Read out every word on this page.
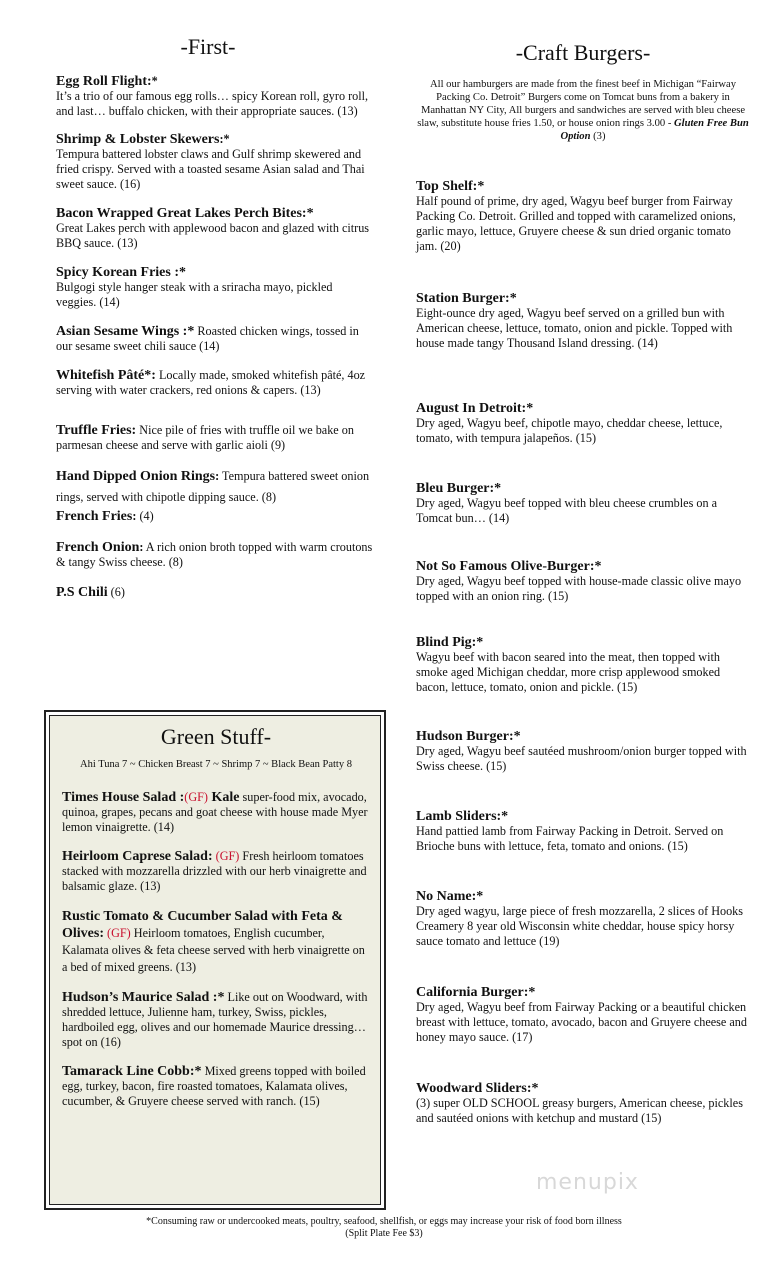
-First-
Egg Roll Flight:*
It’s a trio of our famous egg rolls… spicy Korean roll, gyro roll, and last… buffalo chicken, with their appropriate sauces. (13)
Shrimp & Lobster Skewers:*
Tempura battered lobster claws and Gulf shrimp skewered and fried crispy. Served with a toasted sesame Asian salad and Thai sweet sauce. (16)
Bacon Wrapped Great Lakes Perch Bites:*
Great Lakes perch with applewood bacon and glazed with citrus BBQ sauce. (13)
Spicy Korean Fries :*
Bulgogi style hanger steak with a sriracha mayo, pickled veggies. (14)
Asian Sesame Wings :* Roasted chicken wings, tossed in our sesame sweet chili sauce (14)
Whitefish Pâté*: Locally made, smoked whitefish pâté, 4oz serving with water crackers, red onions & capers. (13)
Truffle Fries: Nice pile of fries with truffle oil we bake on parmesan cheese and serve with garlic aioli (9)
Hand Dipped Onion Rings: Tempura battered sweet onion rings, served with chipotle dipping sauce. (8)
French Fries: (4)
French Onion: A rich onion broth topped with warm croutons & tangy Swiss cheese. (8)
P.S Chili (6)
Green Stuff-
Ahi Tuna 7 ~ Chicken Breast 7 ~ Shrimp 7 ~ Black Bean Patty 8
Times House Salad :(GF) Kale super-food mix, avocado, quinoa, grapes, pecans and goat cheese with house made Myer lemon vinaigrette. (14)
Heirloom Caprese Salad: (GF) Fresh heirloom tomatoes stacked with mozzarella drizzled with our herb vinaigrette and balsamic glaze. (13)
Rustic Tomato & Cucumber Salad with Feta & Olives: (GF) Heirloom tomatoes, English cucumber, Kalamata olives & feta cheese served with herb vinaigrette on a bed of mixed greens. (13)
Hudson’s Maurice Salad :* Like out on Woodward, with shredded lettuce, Julienne ham, turkey, Swiss, pickles, hardboiled egg, olives and our homemade Maurice dressing… spot on (16)
Tamarack Line Cobb:* Mixed greens topped with boiled egg, turkey, bacon, fire roasted tomatoes, Kalamata olives, cucumber, & Gruyere cheese served with ranch. (15)
-Craft Burgers-
All our hamburgers are made from the finest beef in Michigan “Fairway Packing Co. Detroit” Burgers come on Tomcat buns from a bakery in Manhattan NY City, All burgers and sandwiches are served with bleu cheese slaw, substitute house fries 1.50, or house onion rings 3.00 - Gluten Free Bun Option (3)
Top Shelf:*
Half pound of prime, dry aged, Wagyu beef burger from Fairway Packing Co. Detroit. Grilled and topped with caramelized onions, garlic mayo, lettuce, Gruyere cheese & sun dried organic tomato jam. (20)
Station Burger:*
Eight-ounce dry aged, Wagyu beef served on a grilled bun with American cheese, lettuce, tomato, onion and pickle. Topped with house made tangy Thousand Island dressing. (14)
August In Detroit:*
Dry aged, Wagyu beef, chipotle mayo, cheddar cheese, lettuce, tomato, with tempura jalapeños. (15)
Bleu Burger:*
Dry aged, Wagyu beef topped with bleu cheese crumbles on a Tomcat bun… (14)
Not So Famous Olive-Burger:*
Dry aged, Wagyu beef topped with house-made classic olive mayo topped with an onion ring. (15)
Blind Pig:*
Wagyu beef with bacon seared into the meat, then topped with smoke aged Michigan cheddar, more crisp applewood smoked bacon, lettuce, tomato, onion and pickle. (15)
Hudson Burger:*
Dry aged, Wagyu beef sautéed mushroom/onion burger topped with Swiss cheese. (15)
Lamb Sliders:*
Hand pattied lamb from Fairway Packing in Detroit. Served on Brioche buns with lettuce, feta, tomato and onions. (15)
No Name:*
Dry aged wagyu, large piece of fresh mozzarella, 2 slices of Hooks Creamery 8 year old Wisconsin white cheddar, house spicy horsy sauce tomato and lettuce (19)
California Burger:*
Dry aged, Wagyu beef from Fairway Packing or a beautiful chicken breast with lettuce, tomato, avocado, bacon and Gruyere cheese and honey mayo sauce. (17)
Woodward Sliders:*
(3) super OLD SCHOOL greasy burgers, American cheese, pickles and sautéed onions with ketchup and mustard (15)
menupix
*Consuming raw or undercooked meats, poultry, seafood, shellfish, or eggs may increase your risk of food born illness
(Split Plate Fee $3)
